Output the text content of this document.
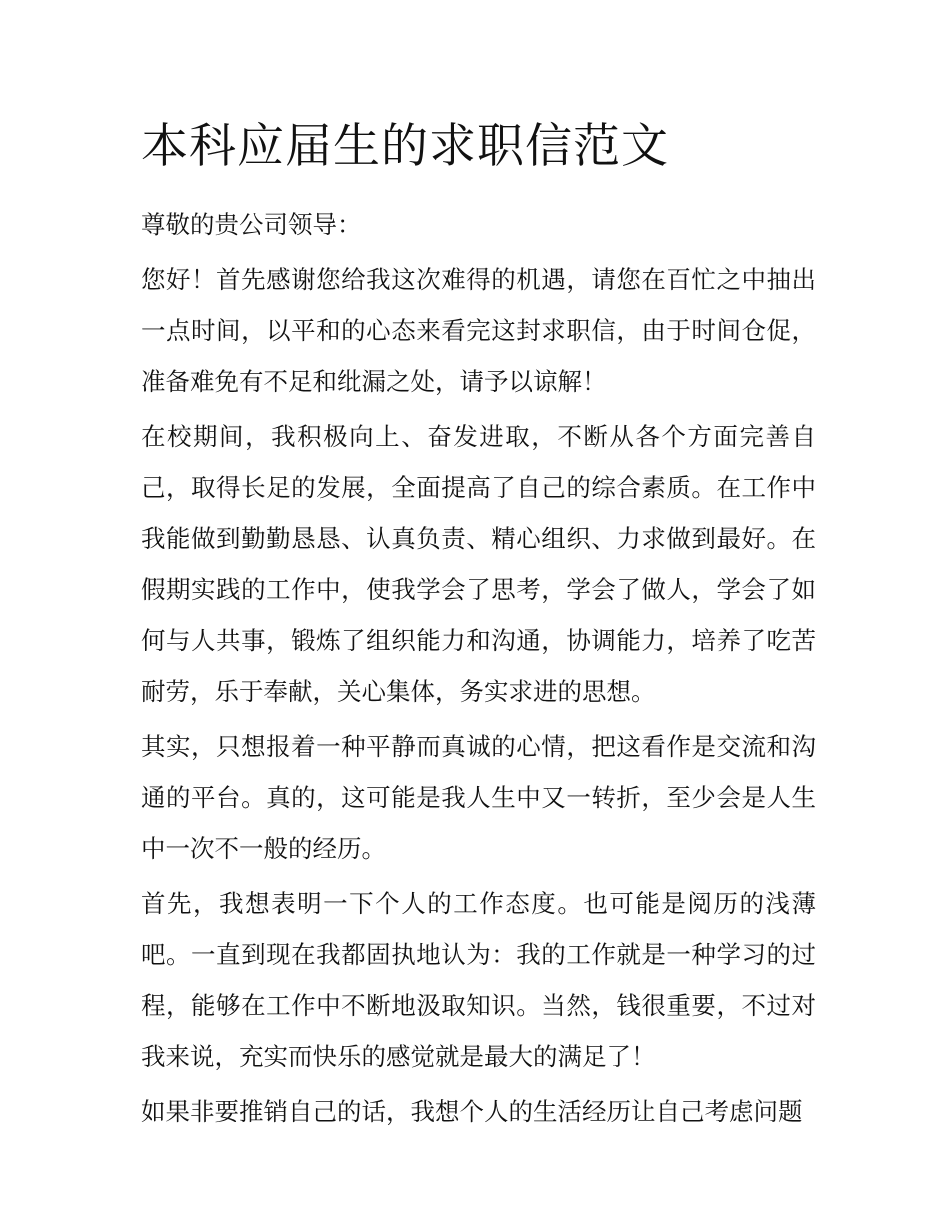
本科应届生的求职信范文

尊敬的贵公司领导：

您好！首先感谢您给我这次难得的机遇，请您在百忙之中抽出
一点时间，以平和的心态来看完这封求职信，由于时间仓促，
准备难免有不足和纰漏之处，请予以谅解！

在校期间，我积极向上、奋发进取，不断从各个方面完善自
己，取得长足的发展，全面提高了自己的综合素质。在工作中
我能做到勤勤恳恳、认真负责、精心组织、力求做到最好。在
假期实践的工作中，使我学会了思考，学会了做人，学会了如
何与人共事，锻炼了组织能力和沟通，协调能力，培养了吃苦
耐劳，乐于奉献，关心集体，务实求进的思想。

其实，只想报着一种平静而真诚的心情，把这看作是交流和沟
通的平台。真的，这可能是我人生中又一转折，至少会是人生
中一次不一般的经历。

首先，我想表明一下个人的工作态度。也可能是阅历的浅薄
吧。一直到现在我都固执地认为：我的工作就是一种学习的过
程，能够在工作中不断地汲取知识。当然，钱很重要，不过对
我来说，充实而快乐的感觉就是最大的满足了！

如果非要推销自己的话，我想个人的生活经历让自己考虑问题
